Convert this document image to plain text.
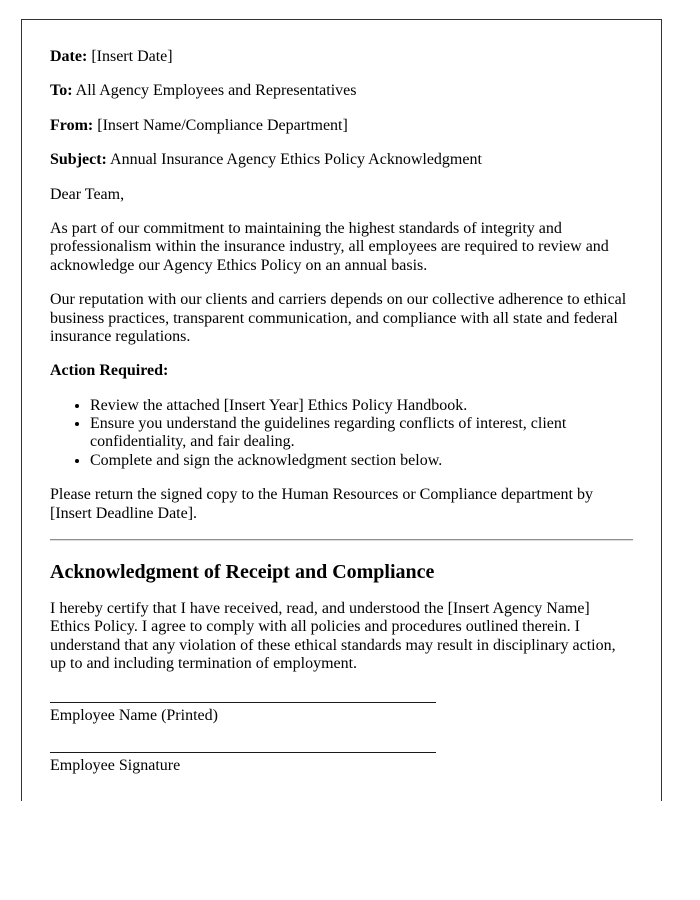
Date: [Insert Date]

To: All Agency Employees and Representatives

From: [Insert Name/Compliance Department]

Subject: Annual Insurance Agency Ethics Policy Acknowledgment

Dear Team,

As part of our commitment to maintaining the highest standards of integrity and professionalism within the insurance industry, all employees are required to review and acknowledge our Agency Ethics Policy on an annual basis.

Our reputation with our clients and carriers depends on our collective adherence to ethical business practices, transparent communication, and compliance with all state and federal insurance regulations.

Action Required:

• Review the attached [Insert Year] Ethics Policy Handbook.
• Ensure you understand the guidelines regarding conflicts of interest, client confidentiality, and fair dealing.
• Complete and sign the acknowledgment section below.

Please return the signed copy to the Human Resources or Compliance department by [Insert Deadline Date].

Acknowledgment of Receipt and Compliance

I hereby certify that I have received, read, and understood the [Insert Agency Name] Ethics Policy. I agree to comply with all policies and procedures outlined therein. I understand that any violation of these ethical standards may result in disciplinary action, up to and including termination of employment.

Employee Name (Printed)

Employee Signature
